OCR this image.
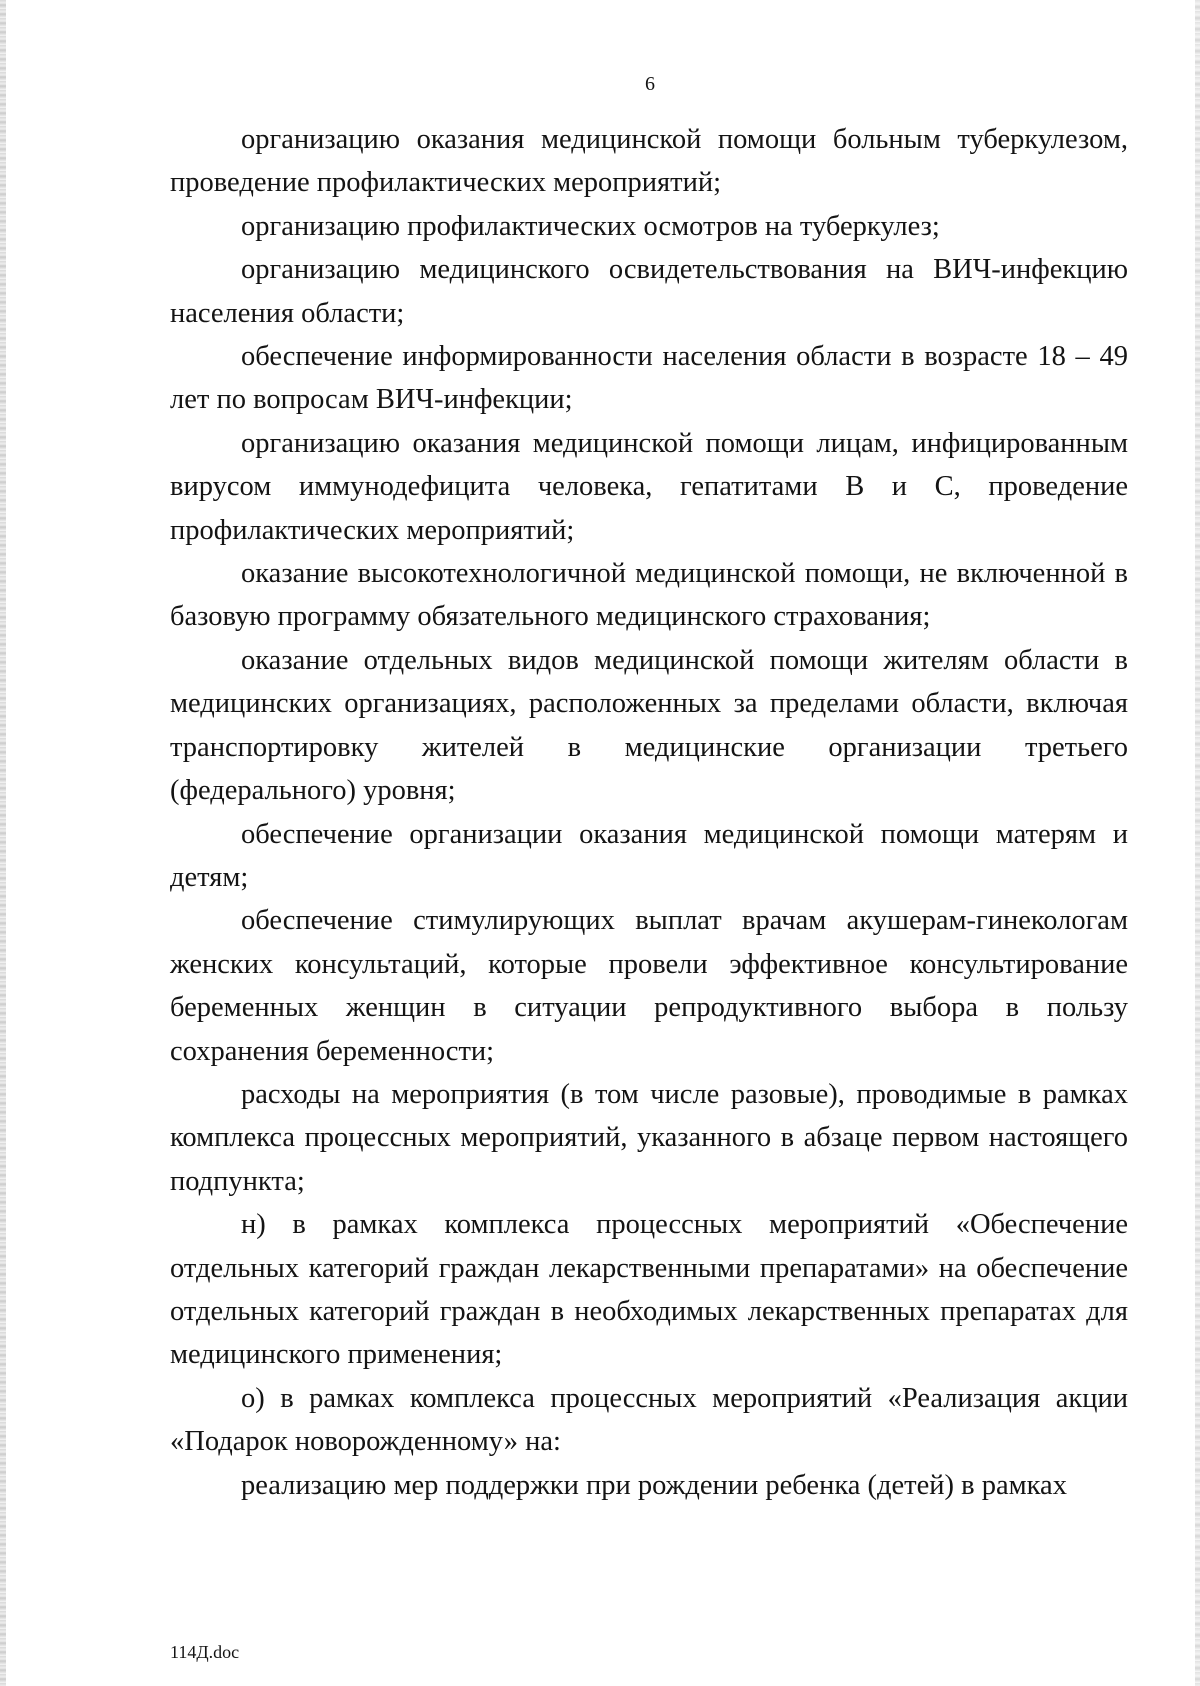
6

организацию оказания медицинской помощи больным туберкулезом, проведение профилактических мероприятий;

организацию профилактических осмотров на туберкулез;

организацию медицинского освидетельствования на ВИЧ-инфекцию населения области;

обеспечение информированности населения области в возрасте 18 – 49 лет по вопросам ВИЧ-инфекции;

организацию оказания медицинской помощи лицам, инфицированным вирусом иммунодефицита человека, гепатитами В и С, проведение профилактических мероприятий;

оказание высокотехнологичной медицинской помощи, не включенной в базовую программу обязательного медицинского страхования;

оказание отдельных видов медицинской помощи жителям области в медицинских организациях, расположенных за пределами области, включая транспортировку жителей в медицинские организации третьего (федерального) уровня;

обеспечение организации оказания медицинской помощи матерям и детям;

обеспечение стимулирующих выплат врачам акушерам-гинекологам женских консультаций, которые провели эффективное консультирование беременных женщин в ситуации репродуктивного выбора в пользу сохранения беременности;

расходы на мероприятия (в том числе разовые), проводимые в рамках комплекса процессных мероприятий, указанного в абзаце первом настоящего подпункта;

н) в рамках комплекса процессных мероприятий «Обеспечение отдельных категорий граждан лекарственными препаратами» на обеспечение отдельных категорий граждан в необходимых лекарственных препаратах для медицинского применения;

о) в рамках комплекса процессных мероприятий «Реализация акции «Подарок новорожденному» на:

реализацию мер поддержки при рождении ребенка (детей) в рамках

114Д.doc
